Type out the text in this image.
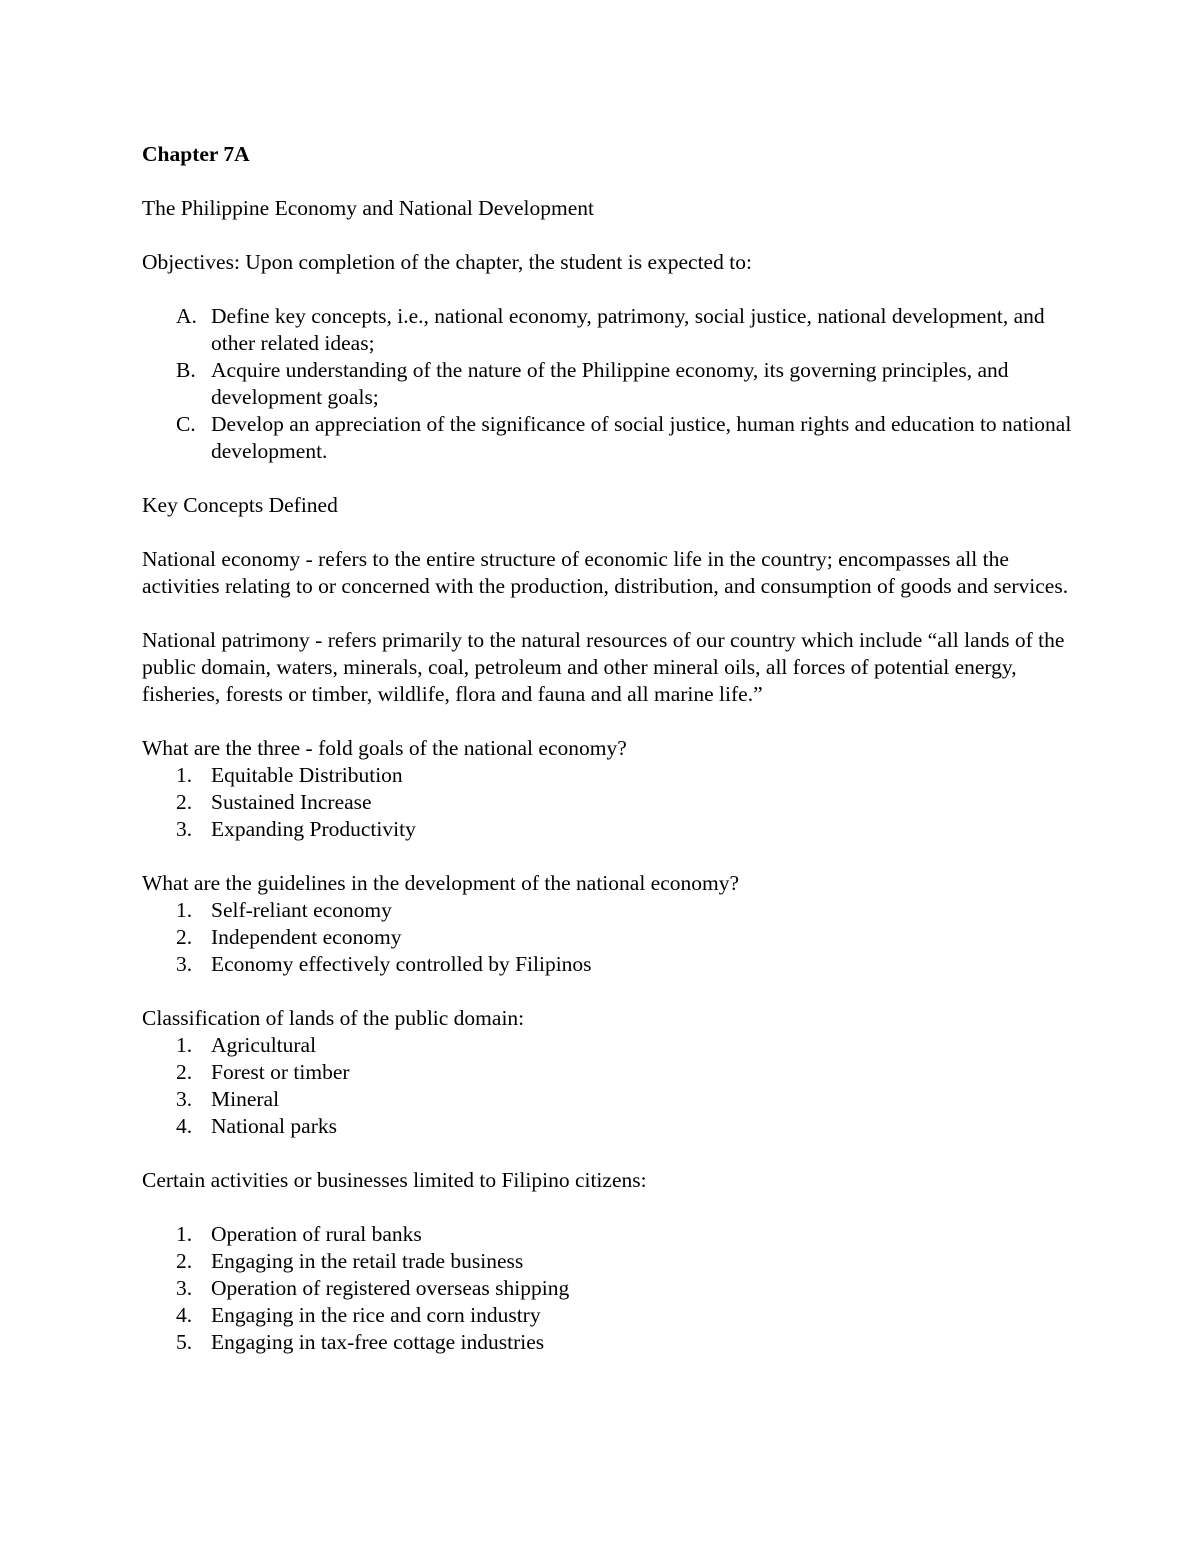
Chapter 7A

The Philippine Economy and National Development

Objectives: Upon completion of the chapter, the student is expected to:

A. Define key concepts, i.e., national economy, patrimony, social justice, national development, and other related ideas;
B. Acquire understanding of the nature of the Philippine economy, its governing principles, and development goals;
C. Develop an appreciation of the significance of social justice, human rights and education to national development.

Key Concepts Defined

National economy - refers to the entire structure of economic life in the country; encompasses all the activities relating to or concerned with the production, distribution, and consumption of goods and services.

National patrimony - refers primarily to the natural resources of our country which include “all lands of the public domain, waters, minerals, coal, petroleum and other mineral oils, all forces of potential energy, fisheries, forests or timber, wildlife, flora and fauna and all marine life.”

What are the three - fold goals of the national economy?

1. Equitable Distribution
2. Sustained Increase
3. Expanding Productivity

What are the guidelines in the development of the national economy?

1. Self-reliant economy
2. Independent economy
3. Economy effectively controlled by Filipinos

Classification of lands of the public domain:

1. Agricultural
2. Forest or timber
3. Mineral
4. National parks

Certain activities or businesses limited to Filipino citizens:

1. Operation of rural banks
2. Engaging in the retail trade business
3. Operation of registered overseas shipping
4. Engaging in the rice and corn industry
5. Engaging in tax-free cottage industries
